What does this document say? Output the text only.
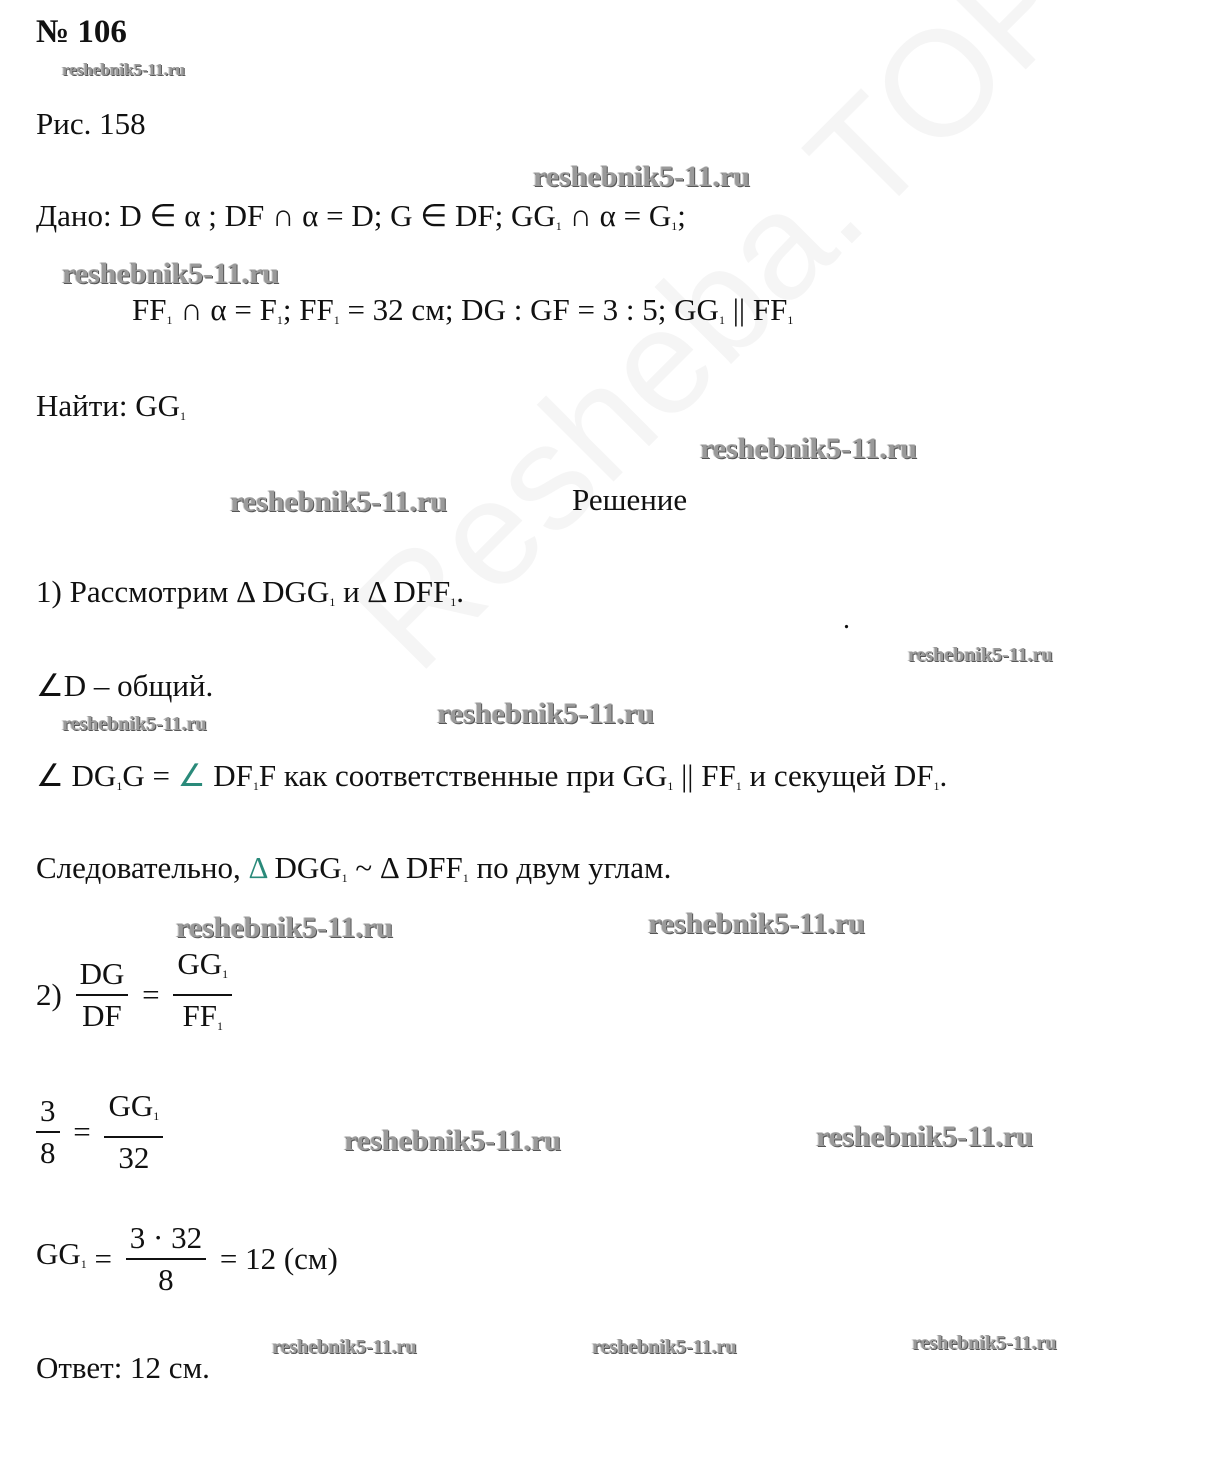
№ 106
reshebnik5-11.ru
Рис. 158
reshebnik5-11.ru
Дано: D ∈ α ; DF ∩ α = D; G ∈ DF; $GG_1$ ∩ $\alpha = G_1$;
reshebnik5-11.ru
$FF_1$ ∩ $\alpha = F_1$; $FF_1 = 32$ см; DG : GF = 3 : 5; $GG_1$ || $FF_1$
Найти: $GG_1$
reshebnik5-11.ru
reshebnik5-11.ru	Решение
1) Рассмотрим Δ $DGG_1$ и Δ $DFF_1$.
.
reshebnik5-11.ru
∠D – общий.
reshebnik5-11.ru	reshebnik5-11.ru
∠ $DG_1G$ = ∠ $DF_1F$ как соответственные при $GG_1$ || $FF_1$ и секущей $DF_1$.
Следовательно, Δ $DGG_1$ ~ Δ $DFF_1$ по двум углам.
reshebnik5-11.ru	reshebnik5-11.ru
$2) \frac{DG}{DF} = \frac{GG_1}{FF_1}$
$\frac{3}{8} = \frac{GG_1}{32}$	reshebnik5-11.ru	reshebnik5-11.ru
$GG_1 = \frac{3 \cdot 32}{8} = 12$ (см)
reshebnik5-11.ru	reshebnik5-11.ru	reshebnik5-11.ru
Ответ: 12 см.
